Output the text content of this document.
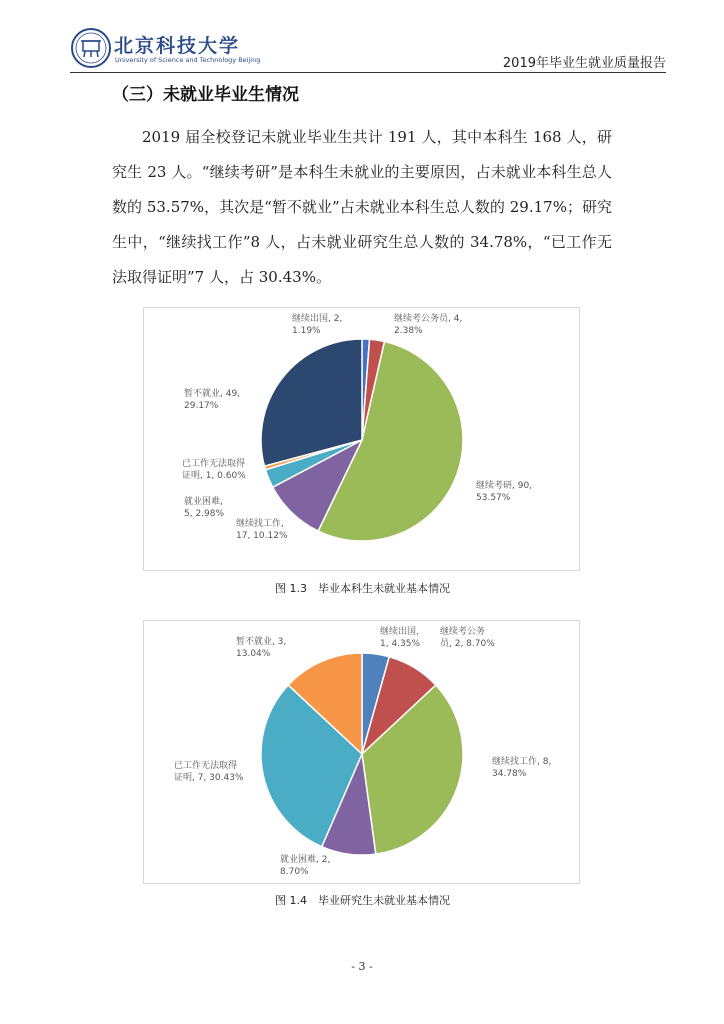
北京科技大学
University of Science and Technology Beijing	2019年毕业生就业质量报告
（三）未就业毕业生情况
2019 届全校登记未就业毕业生共计 191 人，其中本科生 168 人，研究生 23 人。“继续考研”是本科生未就业的主要原因，占未就业本科生总人数的 53.57%，其次是“暂不就业”占未就业本科生总人数的 29.17%；研究生中，“继续找工作”8 人，占未就业研究生总人数的 34.78%，“已工作无法取得证明”7 人，占 30.43%。
继续出国, 2, 1.19%
继续考公务员, 4, 2.38%
继续考研, 90, 53.57%
继续找工作, 17, 10.12%
就业困难, 5, 2.98%
已工作无法取得证明, 1, 0.60%
暂不就业, 49, 29.17%
图 1.3　毕业本科生未就业基本情况
继续出国， 1, 4.35%
继续考公务员, 2, 8.70%
继续找工作, 8, 34.78%
就业困难, 2, 8.70%
已工作无法取得证明, 7, 30.43%
暂不就业, 3, 13.04%
图 1.4　毕业研究生未就业基本情况
- 3 -
